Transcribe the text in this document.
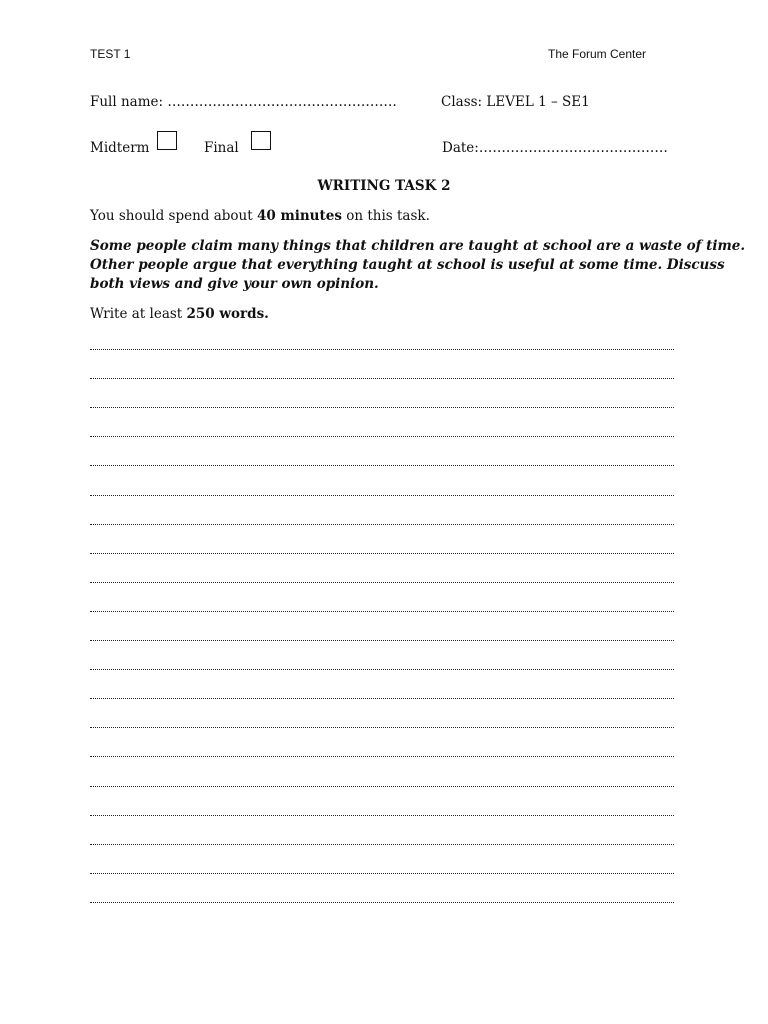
TEST 1	The Forum Center
Full name: ……………………………………………	Class: LEVEL 1 – SE1
Midterm	Final	Date:……………………………………
WRITING TASK 2
You should spend about 40 minutes on this task.
Some people claim many things that children are taught at school are a waste of time.
Other people argue that everything taught at school is useful at some time. Discuss
both views and give your own opinion.
Write at least 250 words.
